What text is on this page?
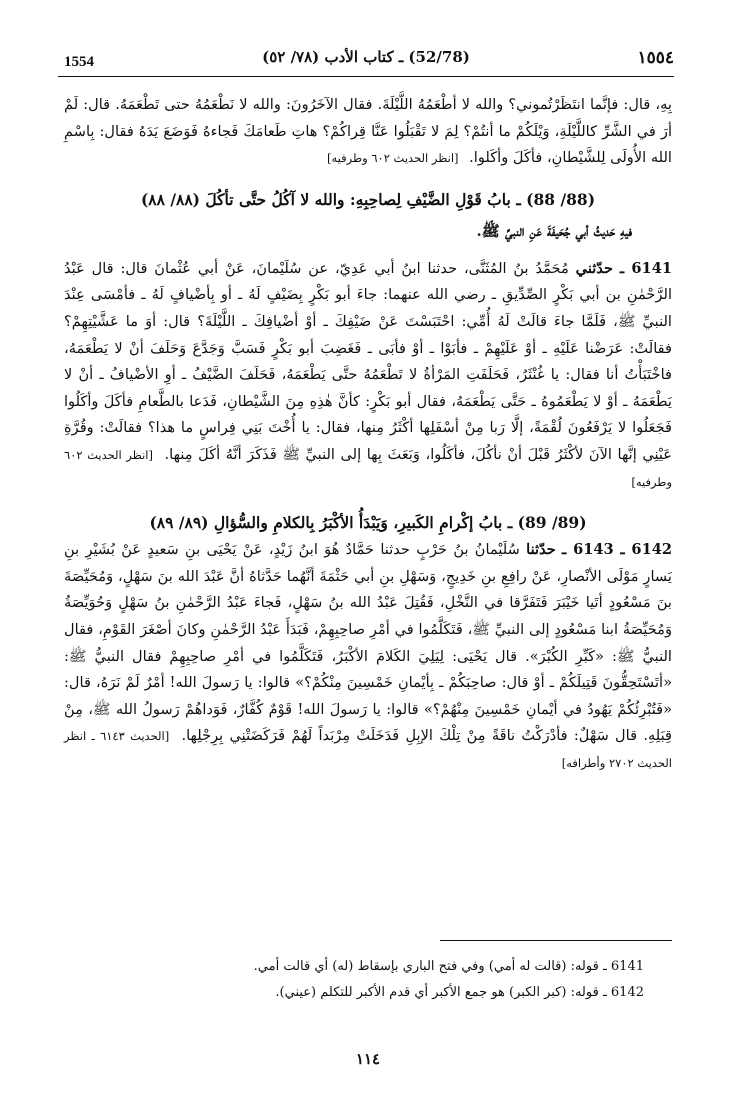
1554	(52/78) ـ كتاب الأدب (٧٨/ ٥٢)	١٥٥٤

بِهِ، قال: فإنَّما انتَظَرْتُموني؟ والله لا أطْعَمُهُ اللَّيْلَةَ. فقال الآخَرُونَ: والله لا نَطْعَمُهُ حتى تَطْعَمَهُ. قال: لَمْ أرَ في الشَّرِّ كاللَّيْلَةِ، وَيْلَكُمْ ما أنتُمْ؟ لِمَ لا تَقْبَلُوا عَنَّا قِراكُمْ؟ هاتِ طَعامَكَ فَجاءهُ فَوَضَعَ يَدَهُ فقال: بِاسْمِ الله الأُولَى لِلشَّيْطانِ، فأكَلَ وأكَلوا. [انظر الحديث ٦٠٢ وطرفيه]

(88/ 88) ـ بابُ قَوْلِ الضَّيْفِ لِصاحِبِهِ: والله لا آكُلُ حتَّى تأكُلَ (٨٨/ ٨٨)
فيهِ حَديثُ أبي جُحَيفَةَ عَنِ النبيِّ ﷺ.

6141 ـ حدّثني مُحَمَّدُ بنُ المُثَنَّى، حدثنا ابنُ أبي عَدِيّ، عن سُلَيْمانَ، عَنْ أبي عُثْمانَ قال: قال عَبْدُ الرَّحْمٰنِ بن أبي بَكْرٍ الصِّدِّيقِ ـ رضي الله عنهما: جاءَ أبو بَكْرٍ بِضَيْفٍ لَهُ ـ أو بِأضْيافٍ لَهُ ـ فأمْسَى عِنْدَ النبيِّ ﷺ، فَلَمَّا جاءَ قالَتْ لَهُ أُمِّي: احْتَبَسْتَ عَنْ ضَيْفِكَ ـ أوْ أضْيافِكَ ـ اللَّيْلَةَ؟ قال: أوَ ما عَشَّيْتِهِمْ؟ فقالَتْ: عَرَضْنا عَلَيْهِ ـ أوْ عَلَيْهِمْ ـ فأبَوْا ـ أوْ فأبَى ـ فَغَضِبَ أبو بَكْرٍ فَسَبَّ وَجَدَّعَ وَحَلَفَ أنْ لا يَطْعَمَهُ، فاخْتَبَأْتُ أنا فقال: يا غُنْثَرُ، فَحَلَفَتِ المَرْأةُ لا تَطْعَمُهُ حتَّى يَطْعَمَهُ، فَحَلَفَ الضَّيْفُ ـ أوِ الأضْيافُ ـ أنْ لا يَطْعَمَهُ ـ أوْ لا يَطْعَمُوهُ ـ حَتَّى يَطْعَمَهُ، فقال أبو بَكْرٍ: كأنَّ هٰذِهِ مِنَ الشَّيْطانِ، فَدَعا بالطَّعامِ فأكَلَ وأكَلُوا فَجَعَلُوا لا يَرْفَعُونَ لُقْمَةً، إلَّا رَبا مِنْ أسْفَلِها أكْثَرُ مِنها، فقال: يا أُخْتَ بَنِي فِراسٍ ما هذا؟ فقالَتْ: وقُرَّةِ عَيْنِي إنَّها الآنَ لأكْثَرُ قَبْلَ أنْ نأكُلَ، فأكَلُوا، وَبَعَثَ بِها إلى النبيِّ ﷺ فَذَكَرَ أنَّهُ أكَلَ مِنها. [انظر الحديث ٦٠٢ وطرفيه]

(89/ 89) ـ بابُ إكْرامِ الكَبيرِ، وَيَبْدَأُ الأكْبَرُ بِالكلامِ والسُّؤالِ (٨٩/ ٨٩)

6142 ـ 6143 ـ حدّثنا سُلَيْمانُ بنُ حَرْبٍ حدثنا حَمَّادٌ هُوَ ابنُ زَيْدٍ، عَنْ يَحْيَى بنِ سَعيدٍ عَنْ بُشَيْرِ بنِ يَسارٍ مَوْلَى الأنْصارِ، عَنْ رافِعِ بنِ خَدِيجٍ، وَسَهْلِ بنِ أبي حَثْمَةَ أنَّهُما حَدَّثاهُ أنَّ عَبْدَ الله بنَ سَهْلٍ، وَمُحَيِّصَةَ بنَ مَسْعُودٍ أتَيا خَيْبَرَ فَتَفَرَّقا في النَّخْلِ، فَقُتِلَ عَبْدُ الله بنُ سَهْلٍ، فَجاءَ عَبْدُ الرَّحْمٰنِ بنُ سَهْلٍ وَحُوَيِّصَةُ وَمُحَيِّصَةُ ابنا مَسْعُودٍ إلى النبيِّ ﷺ، فَتَكَلَّمُوا في أمْرِ صاحِبِهِمْ، فَبَدَأَ عَبْدُ الرَّحْمٰنِ وكانَ أصْغَرَ القَوْمِ، فقال النبيُّ ﷺ: «كَبِّرِ الكُبْرَ». قال يَحْيَى: لِيَلِيَ الكَلامَ الأكْبَرُ، فَتَكَلَّمُوا في أمْرِ صاحِبِهِمْ فقال النبيُّ ﷺ: «أتَسْتَحِقُّونَ قَتِيلَكُمْ ـ أوْ قال: صاحِبَكُمْ ـ بِأيْمانِ خَمْسِينَ مِنْكُمْ؟» قالوا: يا رَسولَ الله! أمْرٌ لَمْ نَرَهُ، قال: «فَتُبْرِئُكُمْ يَهُودُ في أيْمانِ خَمْسِينَ مِنْهُمْ؟» قالوا: يا رَسولَ الله! قَوْمٌ كُفَّارٌ، فَوَداهُمْ رَسولُ الله ﷺ، مِنْ قِبَلِهِ. قال سَهْلٌ: فأدْرَكْتُ ناقَةً مِنْ تِلْكَ الإبِلِ فَدَخَلَتْ مِرْبَداً لَهُمْ فَرَكَضَتْنِي بِرِجْلِها. [الحديث ٦١٤٣ ـ انظر الحديث ٢٧٠٢ وأطرافه]

6141 ـ قوله: (قالت له أمي) وفي فتح الباري بإسقاط (له) أي قالت أمي.
6142 ـ قوله: (كبر الكبر) هو جمع الأكبر أي قدم الأكبر للتكلم (عيني).
١١٤
